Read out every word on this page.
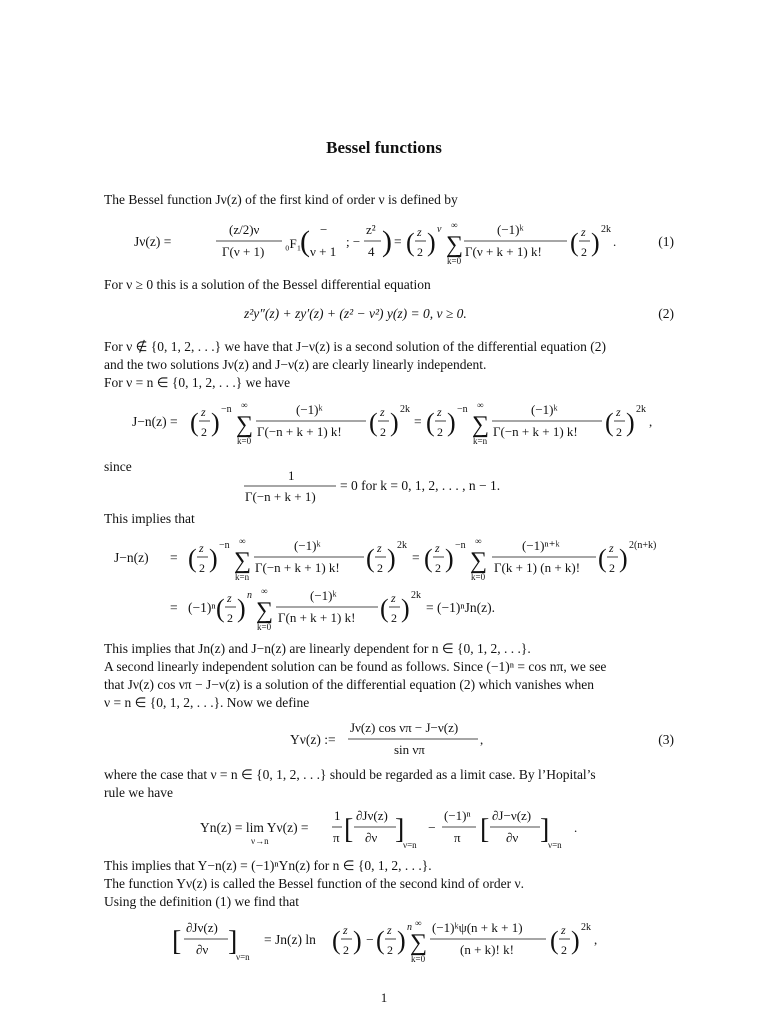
Bessel functions
The Bessel function Jν(z) of the first kind of order ν is defined by
Jν(z) =
(z/2)ν
Γ(ν + 1)
₀F₁
( −
ν + 1
; −
z²
4 ) = ( z
2 ) ν
∑
∞
k=0
(−1)ᵏ
Γ(ν + k + 1) k! ( z
2 ) 2k
.	(1)
For ν ≥ 0 this is a solution of the Bessel differential equation
z²y″(z) + zy′(z) + (z² − ν²) y(z) = 0, ν ≥ 0.	(2)
For ν ∉ {0, 1, 2, . . .} we have that J−ν(z) is a second solution of the differential equation (2)
and the two solutions Jν(z) and J−ν(z) are clearly linearly independent.
For ν = n ∈ {0, 1, 2, . . .} we have
J−n(z) = ( z
2 ) −n
∑
∞
k=0
(−1)ᵏ
Γ(−n + k + 1) k! ( z
2 ) 2k
= ( z
2 ) −n
∑
∞
k=n
(−1)ᵏ
Γ(−n + k + 1) k! ( z
2 ) 2k
,
since
1
Γ(−n + k + 1)
= 0 for k = 0, 1, 2, . . . , n − 1.
This implies that
J−n(z) = ( z
2 ) −n
∑
∞
k=n
(−1)ᵏ
Γ(−n + k + 1) k! ( z
2 ) 2k
= ( z
2 ) −n
∑
∞
k=0
(−1)ⁿ⁺ᵏ
Γ(k + 1) (n + k)! ( z
2 ) 2(n+k)
= (−1)ⁿ ( z
2 ) n
∑
∞
k=0
(−1)ᵏ
Γ(n + k + 1) k! ( z
2 ) 2k
= (−1)ⁿJn(z).
This implies that Jn(z) and J−n(z) are linearly dependent for n ∈ {0, 1, 2, . . .}.
A second linearly independent solution can be found as follows. Since (−1)ⁿ = cos nπ, we see
that Jν(z) cos νπ − J−ν(z) is a solution of the differential equation (2) which vanishes when
ν = n ∈ {0, 1, 2, . . .}. Now we define
Yν(z) :=
Jν(z) cos νπ − J−ν(z)
sin νπ
,	(3)
where the case that ν = n ∈ {0, 1, 2, . . .} should be regarded as a limit case. By l’Hopital’s
rule we have
Yn(z) = lim Yν(z) =
ν→n
1
π [ ∂Jν(z)
∂ν ]
ν=n
−
(−1)ⁿ
π [ ∂J−ν(z)
∂ν ]
ν=n
.
This implies that Y−n(z) = (−1)ⁿYn(z) for n ∈ {0, 1, 2, . . .}.
The function Yν(z) is called the Bessel function of the second kind of order ν.
Using the definition (1) we find that
[ ∂Jν(z)
∂ν ]
ν=n
= Jn(z) ln ( z
2 ) − ( z
2 ) n
∑
∞
k=0
(−1)ᵏψ(n + k + 1)
(n + k)! k! ( z
2 ) 2k
,
1
